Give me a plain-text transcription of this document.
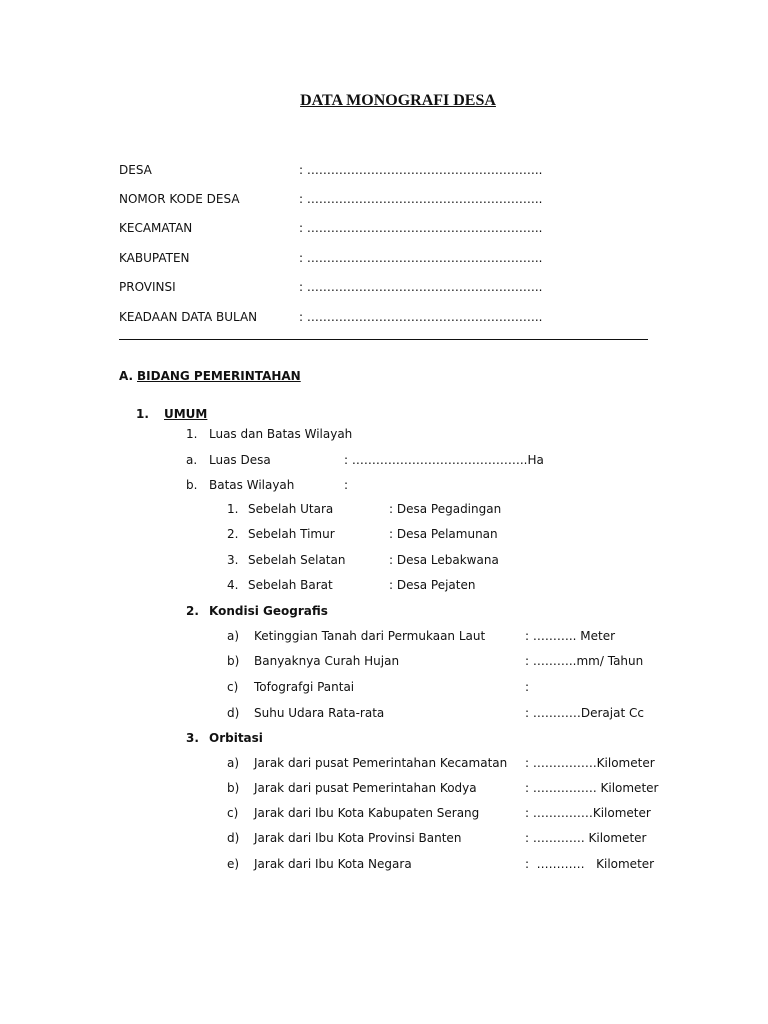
DATA MONOGRAFI DESA
DESA	: …………………………………………………..
NOMOR KODE DESA	: …………………………………………………..
KECAMATAN	: …………………………………………………..
KABUPATEN	: …………………………………………………..
PROVINSI	: …………………………………………………..
KEADAAN DATA BULAN	: …………………………………………………..
A. BIDANG PEMERINTAHAN
1. UMUM
1. Luas dan Batas Wilayah
a. Luas Desa	: ……………………………………..Ha
b. Batas Wilayah	:
1. Sebelah Utara	: Desa Pegadingan
2. Sebelah Timur	: Desa Pelamunan
3. Sebelah Selatan	: Desa Lebakwana
4. Sebelah Barat	: Desa Pejaten
2. Kondisi Geografis
a) Ketinggian Tanah dari Permukaan Laut	: ……….. Meter
b) Banyaknya Curah Hujan	: ………..mm/ Tahun
c) Tofografgi Pantai	:
d) Suhu Udara Rata-rata	: …………Derajat Cc
3. Orbitasi
a) Jarak dari pusat Pemerintahan Kecamatan : …………….Kilometer
b) Jarak dari pusat Pemerintahan Kodya	: ……………. Kilometer
c) Jarak dari Ibu Kota Kabupaten Serang	: ……………Kilometer
d) Jarak dari Ibu Kota Provinsi Banten	: …………. Kilometer
e) Jarak dari Ibu Kota Negara	:  …………   Kilometer
